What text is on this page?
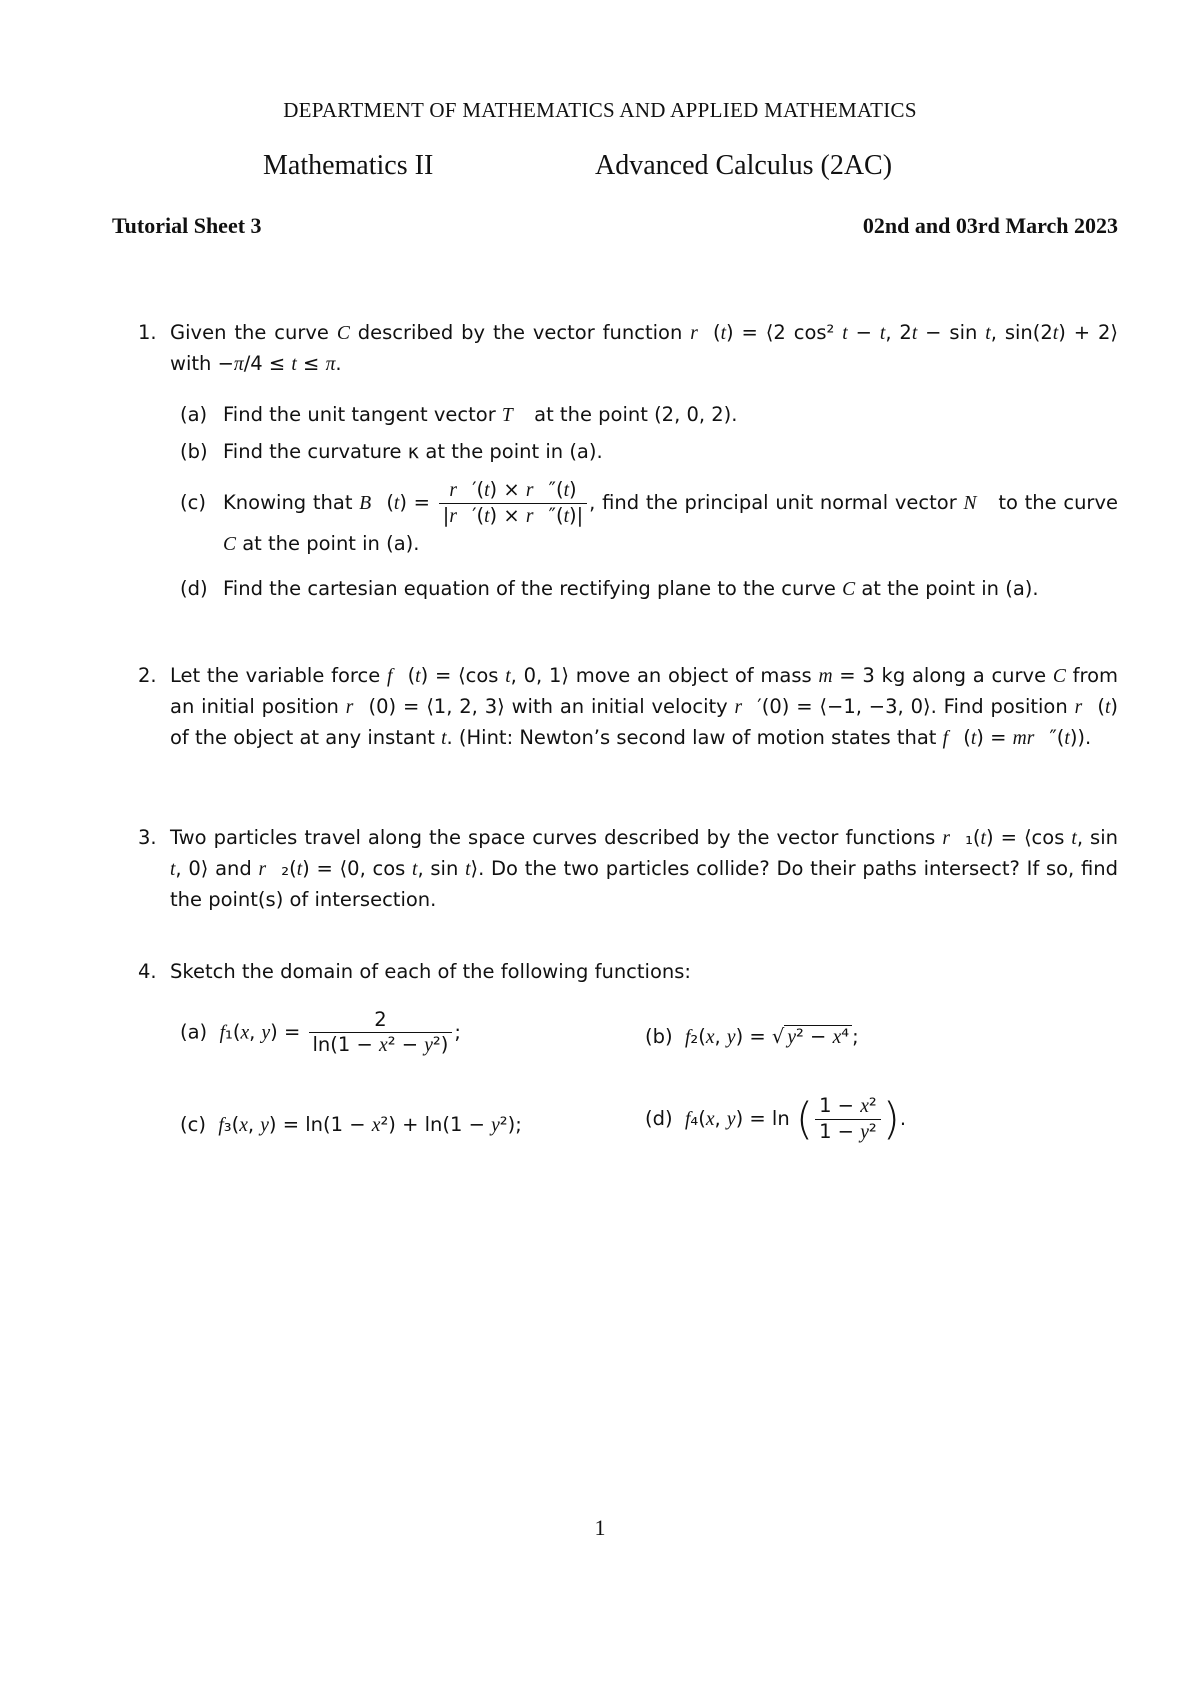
DEPARTMENT OF MATHEMATICS AND APPLIED MATHEMATICS
Mathematics II	Advanced Calculus (2AC)
Tutorial Sheet 3	02nd and 03rd March 2023
1. Given the curve C described by the vector function r⃗(t) = ⟨2 cos² t − t, 2t − sin t, sin(2t) + 2⟩ with −π/4 ≤ t ≤ π.
(a) Find the unit tangent vector T⃗ at the point (2, 0, 2).
(b) Find the curvature κ at the point in (a).
(c) Knowing that B⃗(t) = $\frac{r⃗'(t) \times r⃗''(t)}{|r⃗'(t) \times r⃗''(t)|}$ , find the principal unit normal vector N⃗ to the curve C at the point in (a).
(d) Find the cartesian equation of the rectifying plane to the curve C at the point in (a).
2. Let the variable force f⃗(t) = ⟨cos t, 0, 1⟩ move an object of mass m = 3 kg along a curve C from an initial position r⃗(0) = ⟨1, 2, 3⟩ with an initial velocity r⃗′(0) = ⟨−1, −3, 0⟩. Find position r⃗(t) of the object at any instant t. (Hint: Newton’s second law of motion states that f⃗(t) = mr⃗″(t)).
3. Two particles travel along the space curves described by the vector functions r⃗₁(t) = ⟨cos t, sin t, 0⟩ and r⃗₂(t) = ⟨0, cos t, sin t⟩. Do the two particles collide? Do their paths intersect? If so, find the point(s) of intersection.
4. Sketch the domain of each of the following functions:
(a) f₁(x, $y) = \frac{2}{\text{ln(1 − x² − y²)}}$ ;	(b) f₂(x, y) = √ y² − x⁴ ;
(c) f₃(x, y) = ln(1 − x²) + ln(1 − y²);	(d) f₄(x, y) = ln ( $\frac{\text{1 − x²}}{\text{1 − y²}}$ ).
1
